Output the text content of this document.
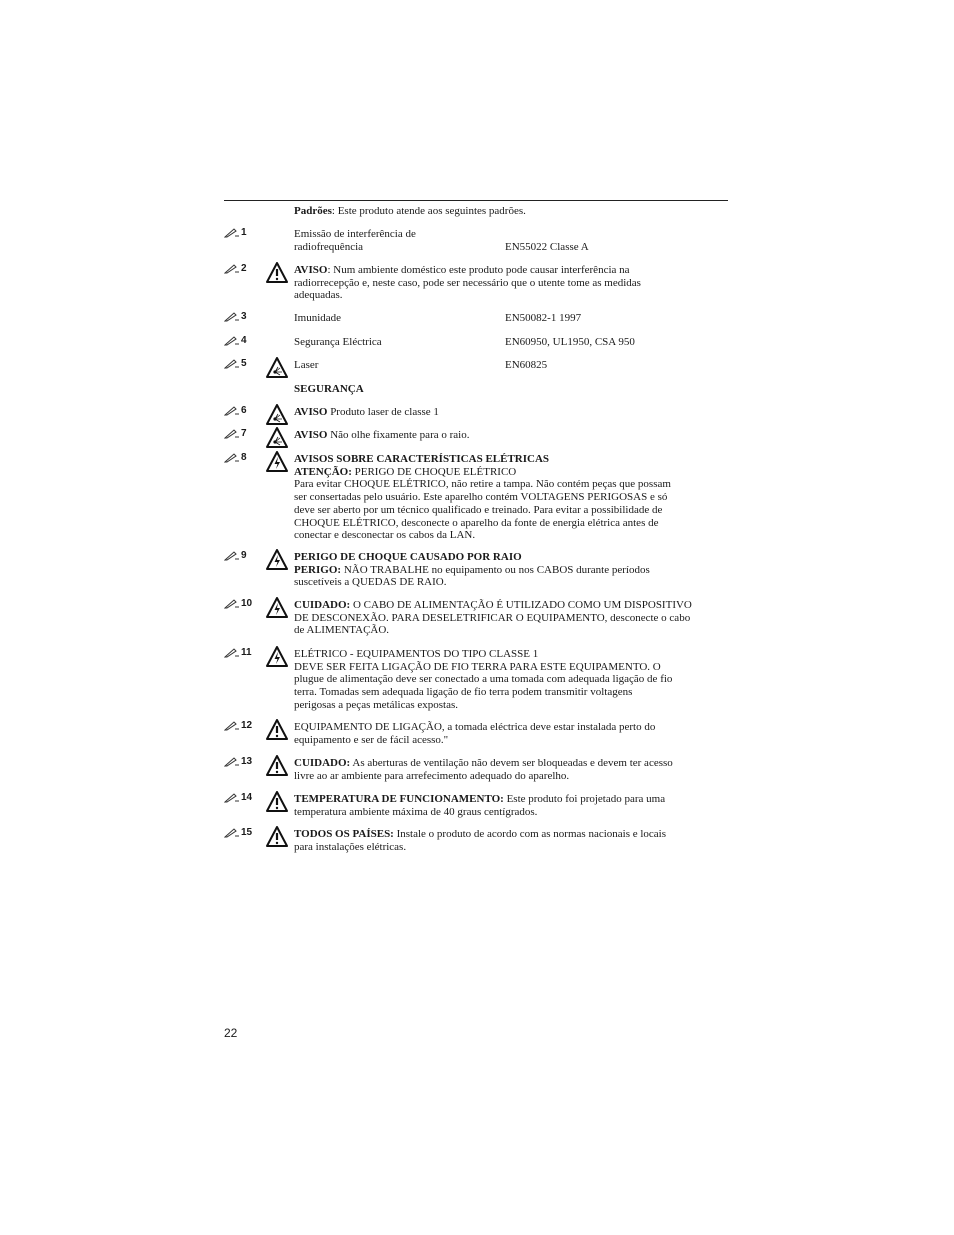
Padrões: Este produto atende aos seguintes padrões.
1	Emissão de interferência de
radiofrequência	EN55022 Classe A
2	AVISO: Num ambiente doméstico este produto pode causar interferência na
radiorrecepção e, neste caso, pode ser necessário que o utente tome as medidas
adequadas.
3	Imunidade	EN50082-1 1997
4	Segurança Eléctrica	EN60950, UL1950, CSA 950
5	Laser	EN60825
SEGURANÇA
6	AVISO Produto laser de classe 1
7	AVISO Não olhe fixamente para o raio.
8	AVISOS SOBRE CARACTERÍSTICAS ELÉTRICAS
ATENÇÃO: PERIGO DE CHOQUE ELÉTRICO
Para evitar CHOQUE ELÉTRICO, não retire a tampa. Não contém peças que possam
ser consertadas pelo usuário. Este aparelho contém VOLTAGENS PERIGOSAS e só
deve ser aberto por um técnico qualificado e treinado. Para evitar a possibilidade de
CHOQUE ELÉTRICO, desconecte o aparelho da fonte de energia elétrica antes de
conectar e desconectar os cabos da LAN.
9	PERIGO DE CHOQUE CAUSADO POR RAIO
PERIGO: NÃO TRABALHE no equipamento ou nos CABOS durante períodos
suscetíveis a QUEDAS DE RAIO.
10	CUIDADO: O CABO DE ALIMENTAÇÃO É UTILIZADO COMO UM DISPOSITIVO
DE DESCONEXÃO. PARA DESELETRIFICAR O EQUIPAMENTO, desconecte o cabo
de ALIMENTAÇÃO.
11	ELÉTRICO - EQUIPAMENTOS DO TIPO CLASSE 1
DEVE SER FEITA LIGAÇÃO DE FIO TERRA PARA ESTE EQUIPAMENTO. O
plugue de alimentação deve ser conectado a uma tomada com adequada ligação de fio
terra. Tomadas sem adequada ligação de fio terra podem transmitir voltagens
perigosas a peças metálicas expostas.
12	EQUIPAMENTO DE LIGAÇÃO, a tomada eléctrica deve estar instalada perto do
equipamento e ser de fácil acesso."
13	CUIDADO: As aberturas de ventilação não devem ser bloqueadas e devem ter acesso
livre ao ar ambiente para arrefecimento adequado do aparelho.
14	TEMPERATURA DE FUNCIONAMENTO: Este produto foi projetado para uma
temperatura ambiente máxima de 40 graus centígrados.
15	TODOS OS PAÍSES: Instale o produto de acordo com as normas nacionais e locais
para instalações elétricas.
22
